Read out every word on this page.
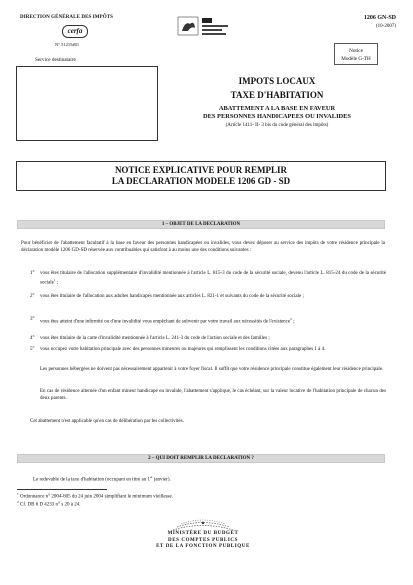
DIRECTION GÉNÉRALE DES IMPÔTS
cerfa
N° 51215#01
1206 GN-SD
(10-2007)
Notice
Modèle G-TH
Service destinataire
IMPOTS LOCAUX
TAXE D'HABITATION
ABATTEMENT A LA BASE EN FAVEUR
DES PERSONNES HANDICAPEES OU INVALIDES
(Article 1411- II- 3 bis du code général des impôts)
NOTICE EXPLICATIVE POUR REMPLIR
LA DECLARATION MODELE 1206 GD - SD
1 – OBJET DE LA DECLARATION
Pour bénéficier de l'abattement facultatif à la base en faveur des personnes handicapées ou invalides, vous devez déposer au service des impôts de votre résidence principale la déclaration modèle 1206 GD-SD réservée aux contribuables qui satisfont à au moins une des conditions suivantes :
1° vous êtes titulaire de l'allocation supplémentaire d'invalidité mentionnée à l'article L. 815-3 du code de la sécurité sociale, devenu l'article L. 815-24 du code de la sécurité sociale$^1$ ;
2° vous êtes titulaire de l'allocation aux adultes handicapés mentionnée aux articles L. 821-1 et suivants du code de la sécurité sociale ;
3°
vous êtes atteint d'une infirmité ou d'une invalidité vous empêchant de subvenir par votre travail aux nécessités de l'existence$^2$ ;
4° vous êtes titulaire de la carte d'invalidité mentionnée à l'article L. 241-3 du code de l'action sociale et des familles ;
5° vous occupez votre habitation principale avec des personnes mineures ou majeures qui remplissent les conditions citées aux paragraphes 1 à 4.
Les personnes hébergées ne doivent pas nécessairement appartenir à votre foyer fiscal. Il suffit que votre résidence principale constitue également leur résidence principale.
En cas de résidence alternée d'un enfant mineur handicapé ou invalide, l'abattement s'applique, le cas échéant, sur la valeur locative de l'habitation principale de chacun des deux parents.
Cet abattement n'est applicable qu'en cas de délibération par les collectivités.
2 – QUI DOIT REMPLIR LA DECLARATION ?
Le redevable de la taxe d'habitation (occupant en titre au 1er janvier).
$^1$ Ordonnance n° 2004-605 du 24 juin 2004 simplifiant le minimum vieillesse.
$^2$ Cf. DB 6 D 4233 n° s 20 à 24.
MINISTÈRE DU BUDGET
DES COMPTES PUBLICS
ET DE LA FONCTION PUBLIQUE
